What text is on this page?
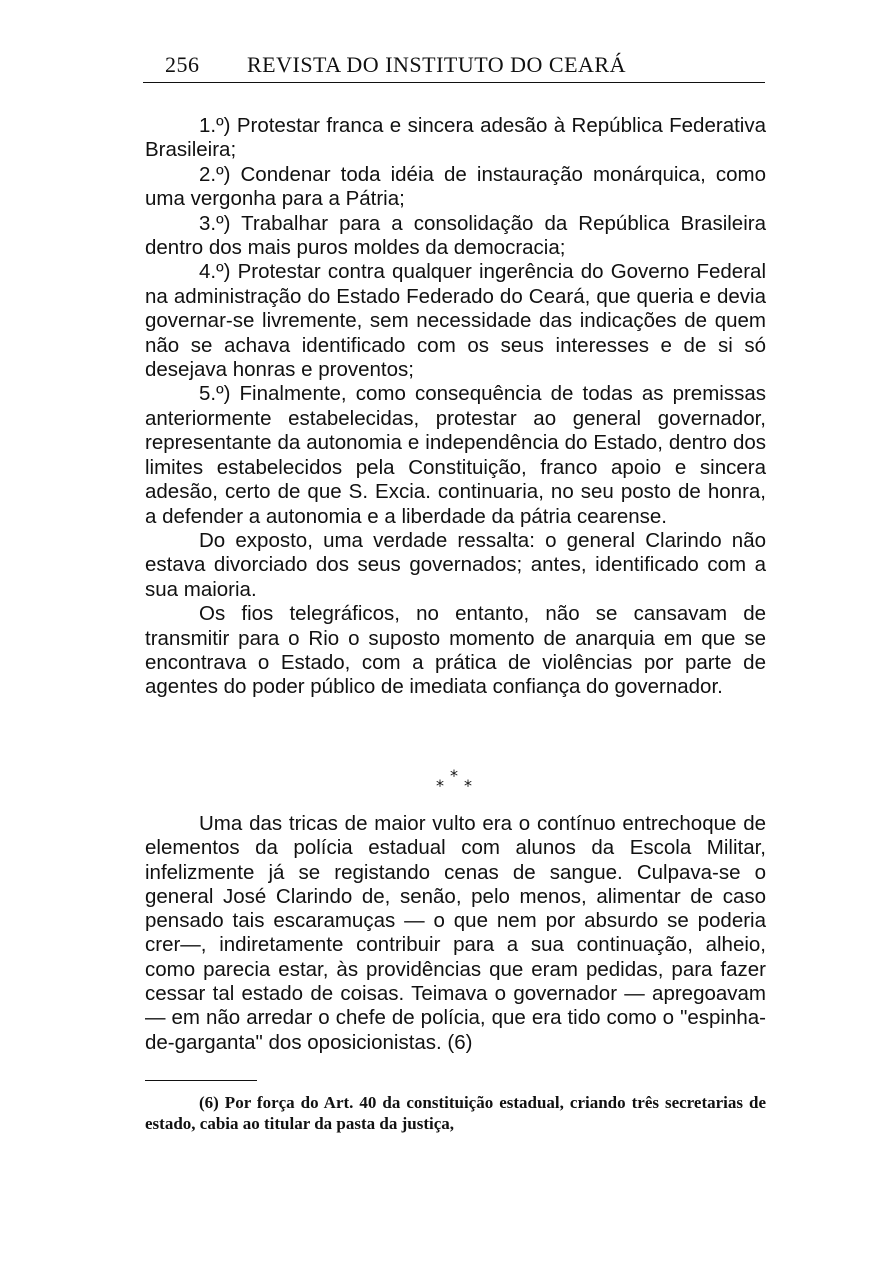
256 REVISTA DO INSTITUTO DO CEARÁ

1.º) Protestar franca e sincera adesão à República Federativa Brasileira;

2.º) Condenar toda idéia de instauração monárquica, como uma vergonha para a Pátria;

3.º) Trabalhar para a consolidação da República Brasileira dentro dos mais puros moldes da democracia;

4.º) Protestar contra qualquer ingerência do Governo Federal na administração do Estado Federado do Ceará, que queria e devia governar-se livremente, sem necessidade das indicações de quem não se achava identificado com os seus interesses e de si só desejava honras e proventos;

5.º) Finalmente, como consequência de todas as premissas anteriormente estabelecidas, protestar ao general governador, representante da autonomia e independência do Estado, dentro dos limites estabelecidos pela Constituição, franco apoio e sincera adesão, certo de que S. Excia. continuaria, no seu posto de honra, a defender a autonomia e a liberdade da pátria cearense.

Do exposto, uma verdade ressalta: o general Clarindo não estava divorciado dos seus governados; antes, identificado com a sua maioria.

Os fios telegráficos, no entanto, não se cansavam de transmitir para o Rio o suposto momento de anarquia em que se encontrava o Estado, com a prática de violências por parte de agentes do poder público de imediata confiança do governador.

*
* *

Uma das tricas de maior vulto era o contínuo entrechoque de elementos da polícia estadual com alunos da Escola Militar, infelizmente já se registando cenas de sangue. Culpava-se o general José Clarindo de, senão, pelo menos, alimentar de caso pensado tais escaramuças — o que nem por absurdo se poderia crer—, indiretamente contribuir para a sua continuação, alheio, como parecia estar, às providências que eram pedidas, para fazer cessar tal estado de coisas. Teimava o governador — apregoavam— em não arredar o chefe de polícia, que era tido como o "espinha-de-garganta" dos oposicionistas. (6)

(6) Por força do Art. 40 da constituição estadual, criando três secretarias de estado, cabia ao titular da pasta da justiça,
